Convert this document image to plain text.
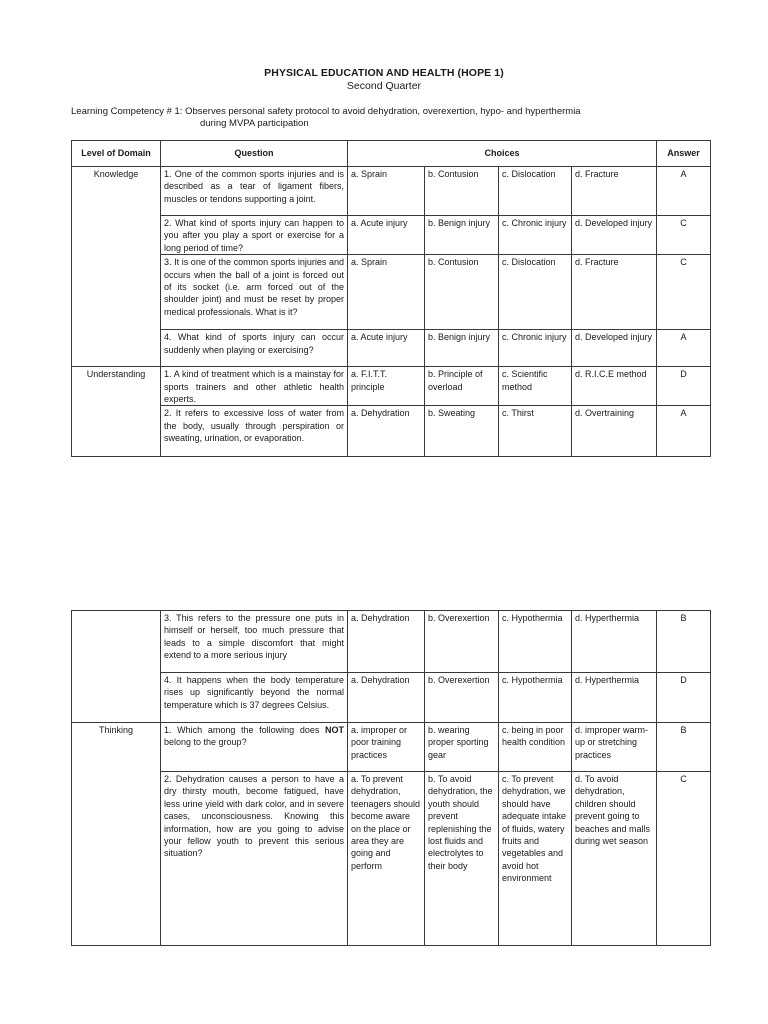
PHYSICAL EDUCATION AND HEALTH (HOPE 1)
Second Quarter
Learning Competency # 1: Observes personal safety protocol to avoid dehydration, overexertion, hypo- and hyperthermia
during MVPA participation
Level of Domain	Question	Choices				Answer
Knowledge	1. One of the common sports injuries and is described as a tear of ligament fibers, muscles or tendons supporting a joint.	a. Sprain	b. Contusion	c. Dislocation	d. Fracture	A
	2. What kind of sports injury can happen to you after you play a sport or exercise for a long period of time?	a. Acute injury	b. Benign injury	c. Chronic injury	d. Developed injury	C
	3. It is one of the common sports injuries and occurs when the ball of a joint is forced out of its socket (i.e. arm forced out of the shoulder joint) and must be reset by proper medical professionals. What is it?	a. Sprain	b. Contusion	c. Dislocation	d. Fracture	C
	4. What kind of sports injury can occur suddenly when playing or exercising?	a. Acute injury	b. Benign injury	c. Chronic injury	d. Developed injury	A
Understanding	1. A kind of treatment which is a mainstay for sports trainers and other athletic health experts.	a. F.I.T.T. principle	b. Principle of overload	c. Scientific method	d. R.I.C.E method	D
	2. It refers to excessive loss of water from the body, usually through perspiration or sweating, urination, or evaporation.	a. Dehydration	b. Sweating	c. Thirst	d. Overtraining	A
	3. This refers to the pressure one puts in himself or herself, too much pressure that leads to a simple discomfort that might extend to a more serious injury	a. Dehydration	b. Overexertion	c. Hypothermia	d. Hyperthermia	B
	4. It happens when the body temperature rises up significantly beyond the normal temperature which is 37 degrees Celsius.	a. Dehydration	b. Overexertion	c. Hypothermia	d. Hyperthermia	D
Thinking	1. Which among the following does NOT belong to the group?	a. improper or poor training practices	b. wearing proper sporting gear	c. being in poor health condition	d. improper warm-up or stretching practices	B
	2. Dehydration causes a person to have a dry thirsty mouth, become fatigued, have less urine yield with dark color, and in severe cases, unconsciousness. Knowing this information, how are you going to advise your fellow youth to prevent this serious situation?	a. To prevent dehydration, teenagers should become aware on the place or area they are going and perform	b. To avoid dehydration, the youth should prevent replenishing the lost fluids and electrolytes to their body	c. To prevent dehydration, we should have adequate intake of fluids, watery fruits and vegetables and avoid hot environment	d. To avoid dehydration, children should prevent going to beaches and malls during wet season	C
